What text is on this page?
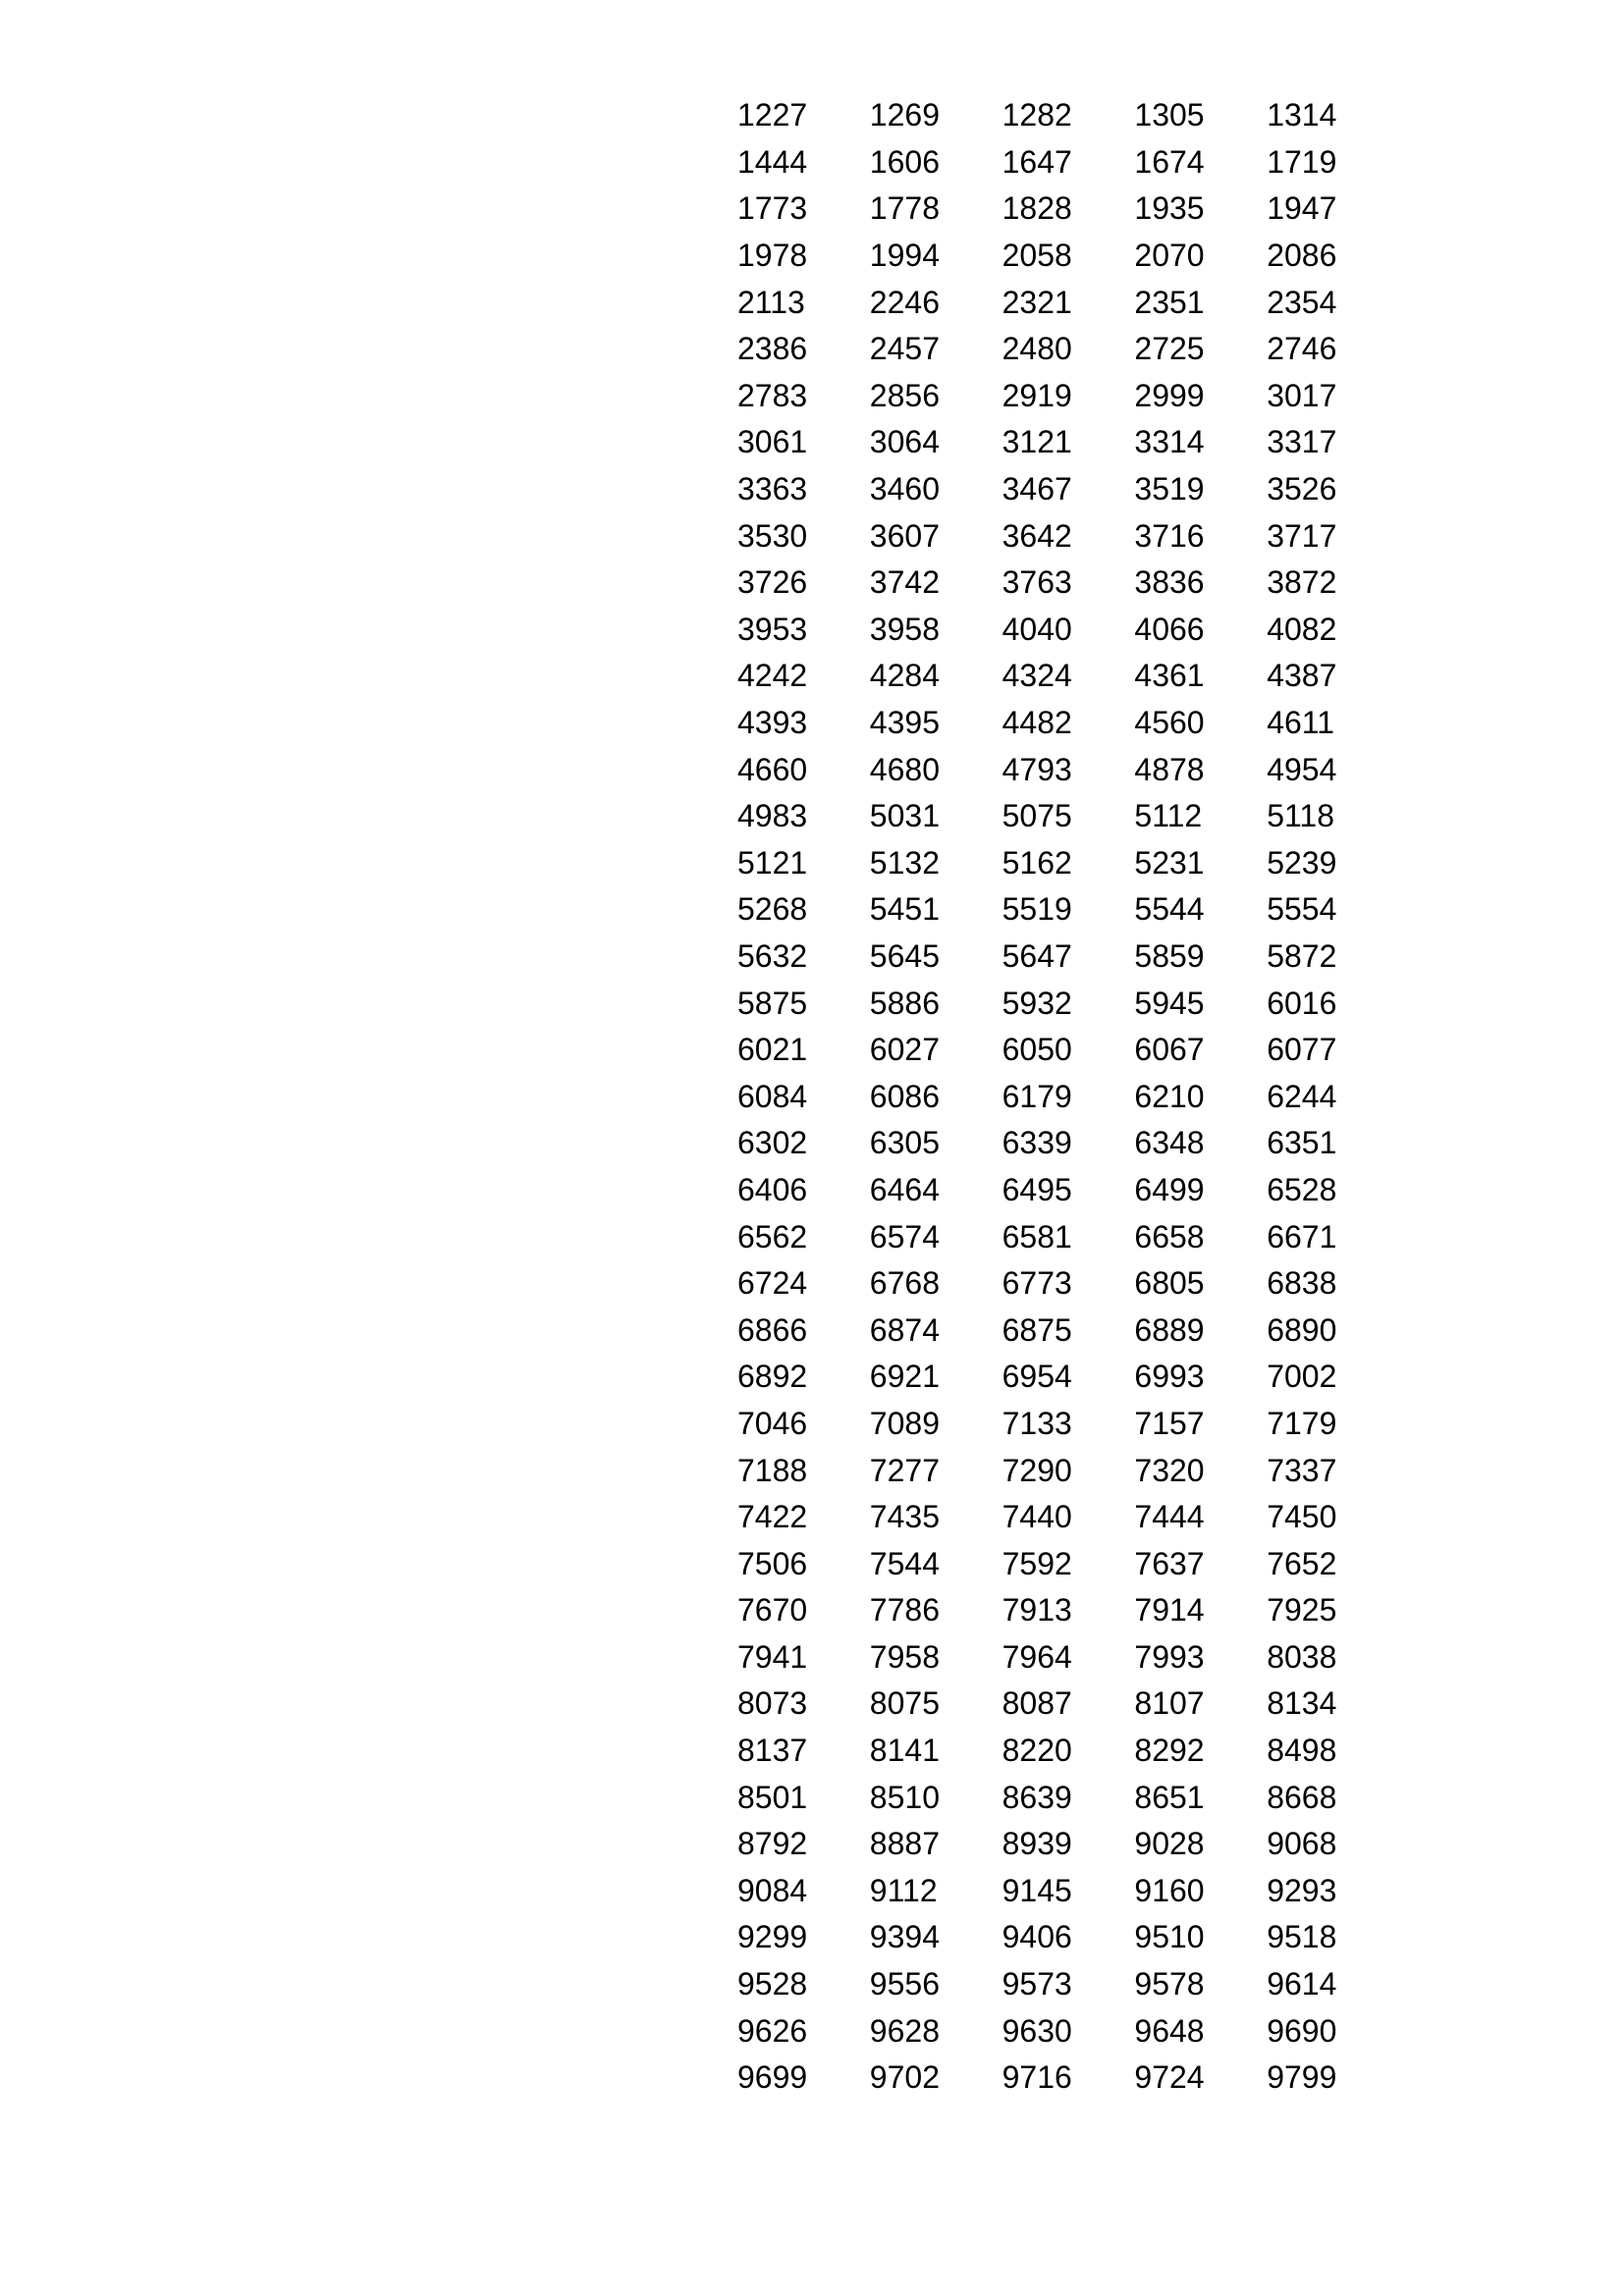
1227	1269	1282	1305	1314
1444	1606	1647	1674	1719
1773	1778	1828	1935	1947
1978	1994	2058	2070	2086
2113	2246	2321	2351	2354
2386	2457	2480	2725	2746
2783	2856	2919	2999	3017
3061	3064	3121	3314	3317
3363	3460	3467	3519	3526
3530	3607	3642	3716	3717
3726	3742	3763	3836	3872
3953	3958	4040	4066	4082
4242	4284	4324	4361	4387
4393	4395	4482	4560	4611
4660	4680	4793	4878	4954
4983	5031	5075	5112	5118
5121	5132	5162	5231	5239
5268	5451	5519	5544	5554
5632	5645	5647	5859	5872
5875	5886	5932	5945	6016
6021	6027	6050	6067	6077
6084	6086	6179	6210	6244
6302	6305	6339	6348	6351
6406	6464	6495	6499	6528
6562	6574	6581	6658	6671
6724	6768	6773	6805	6838
6866	6874	6875	6889	6890
6892	6921	6954	6993	7002
7046	7089	7133	7157	7179
7188	7277	7290	7320	7337
7422	7435	7440	7444	7450
7506	7544	7592	7637	7652
7670	7786	7913	7914	7925
7941	7958	7964	7993	8038
8073	8075	8087	8107	8134
8137	8141	8220	8292	8498
8501	8510	8639	8651	8668
8792	8887	8939	9028	9068
9084	9112	9145	9160	9293
9299	9394	9406	9510	9518
9528	9556	9573	9578	9614
9626	9628	9630	9648	9690
9699	9702	9716	9724	9799
